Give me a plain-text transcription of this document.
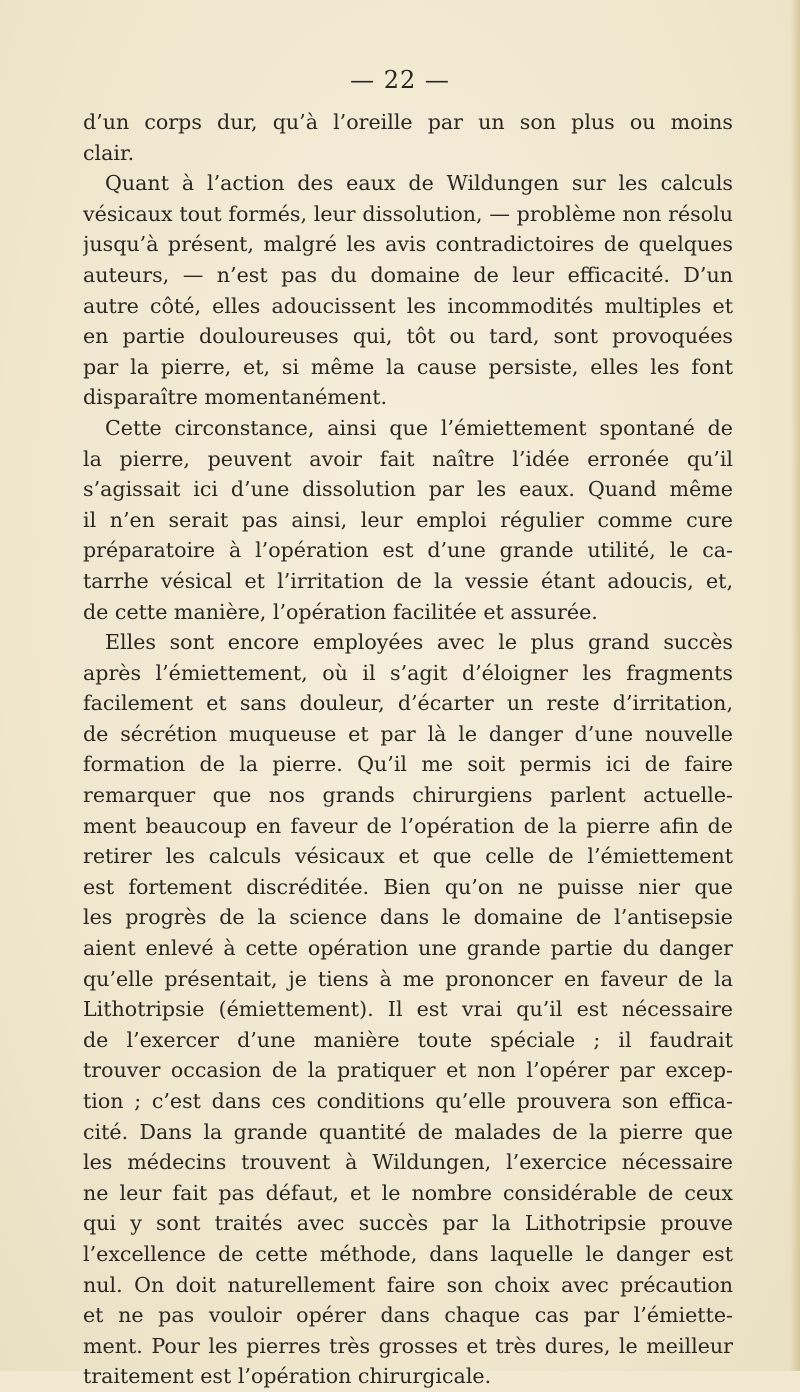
— 22 —
d’un corps dur, qu’à l’oreille par un son plus ou moins
clair.
Quant à l’action des eaux de Wildungen sur les calculs
vésicaux tout formés, leur dissolution, — problème non résolu
jusqu’à présent, malgré les avis contradictoires de quelques
auteurs, — n’est pas du domaine de leur efficacité. D’un
autre côté, elles adoucissent les incommodités multiples et
en partie douloureuses qui, tôt ou tard, sont provoquées
par la pierre, et, si même la cause persiste, elles les font
disparaître momentanément.
Cette circonstance, ainsi que l’émiettement spontané de
la pierre, peuvent avoir fait naître l’idée erronée qu’il
s’agissait ici d’une dissolution par les eaux. Quand même
il n’en serait pas ainsi, leur emploi régulier comme cure
préparatoire à l’opération est d’une grande utilité, le ca-
tarrhe vésical et l’irritation de la vessie étant adoucis, et,
de cette manière, l’opération facilitée et assurée.
Elles sont encore employées avec le plus grand succès
après l’émiettement, où il s’agit d’éloigner les fragments
facilement et sans douleur, d’écarter un reste d’irritation,
de sécrétion muqueuse et par là le danger d’une nouvelle
formation de la pierre. Qu’il me soit permis ici de faire
remarquer que nos grands chirurgiens parlent actuelle-
ment beaucoup en faveur de l’opération de la pierre afin de
retirer les calculs vésicaux et que celle de l’émiettement
est fortement discréditée. Bien qu’on ne puisse nier que
les progrès de la science dans le domaine de l’antisepsie
aient enlevé à cette opération une grande partie du danger
qu’elle présentait, je tiens à me prononcer en faveur de la
Lithotripsie (émiettement). Il est vrai qu’il est nécessaire
de l’exercer d’une manière toute spéciale ; il faudrait
trouver occasion de la pratiquer et non l’opérer par excep-
tion ; c’est dans ces conditions qu’elle prouvera son effica-
cité. Dans la grande quantité de malades de la pierre que
les médecins trouvent à Wildungen, l’exercice nécessaire
ne leur fait pas défaut, et le nombre considérable de ceux
qui y sont traités avec succès par la Lithotripsie prouve
l’excellence de cette méthode, dans laquelle le danger est
nul. On doit naturellement faire son choix avec précaution
et ne pas vouloir opérer dans chaque cas par l’émiette-
ment. Pour les pierres très grosses et très dures, le meilleur
traitement est l’opération chirurgicale.
